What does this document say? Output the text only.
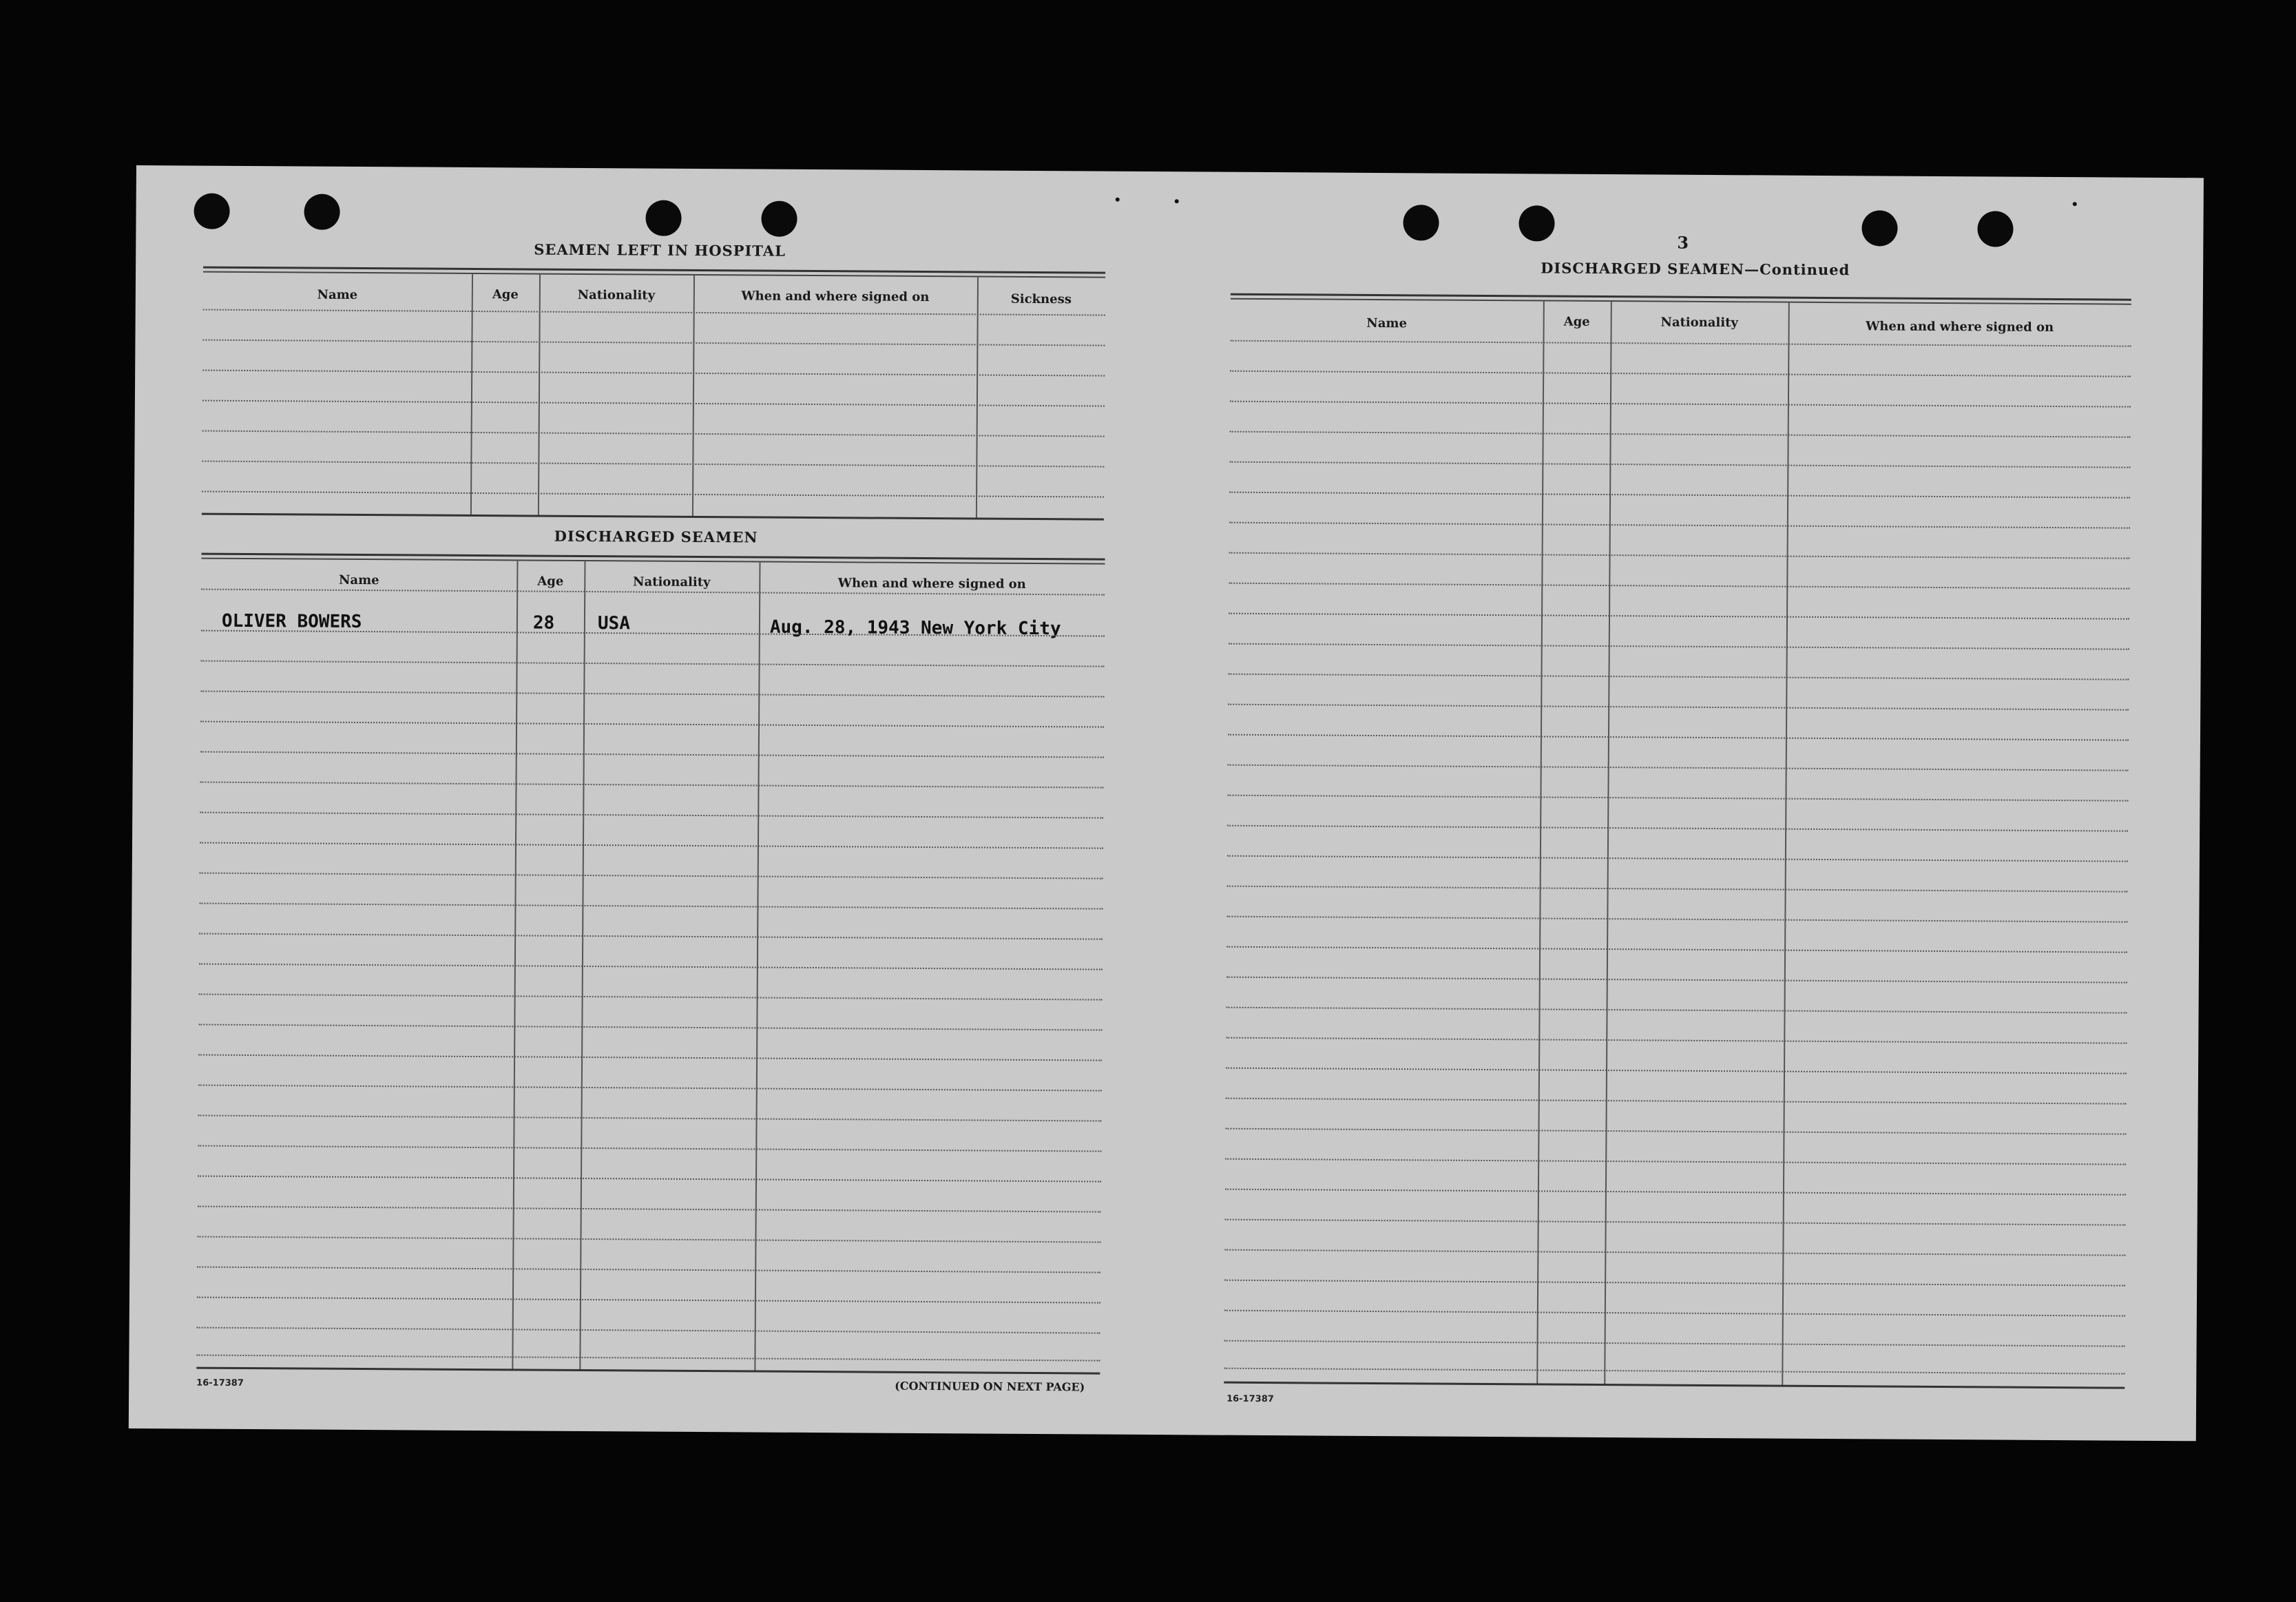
SEAMEN LEFT IN HOSPITAL
Name	Age	Nationality	When and where signed on	Sickness
DISCHARGED SEAMEN
Name	Age	Nationality	When and where signed on
OLIVER BOWERS	28 USA	Aug. 28, 1943 New York City
16-17387	(CONTINUED ON NEXT PAGE)
3
DISCHARGED SEAMEN—Continued
Name	Age	Nationality	When and where signed on
16-17387
